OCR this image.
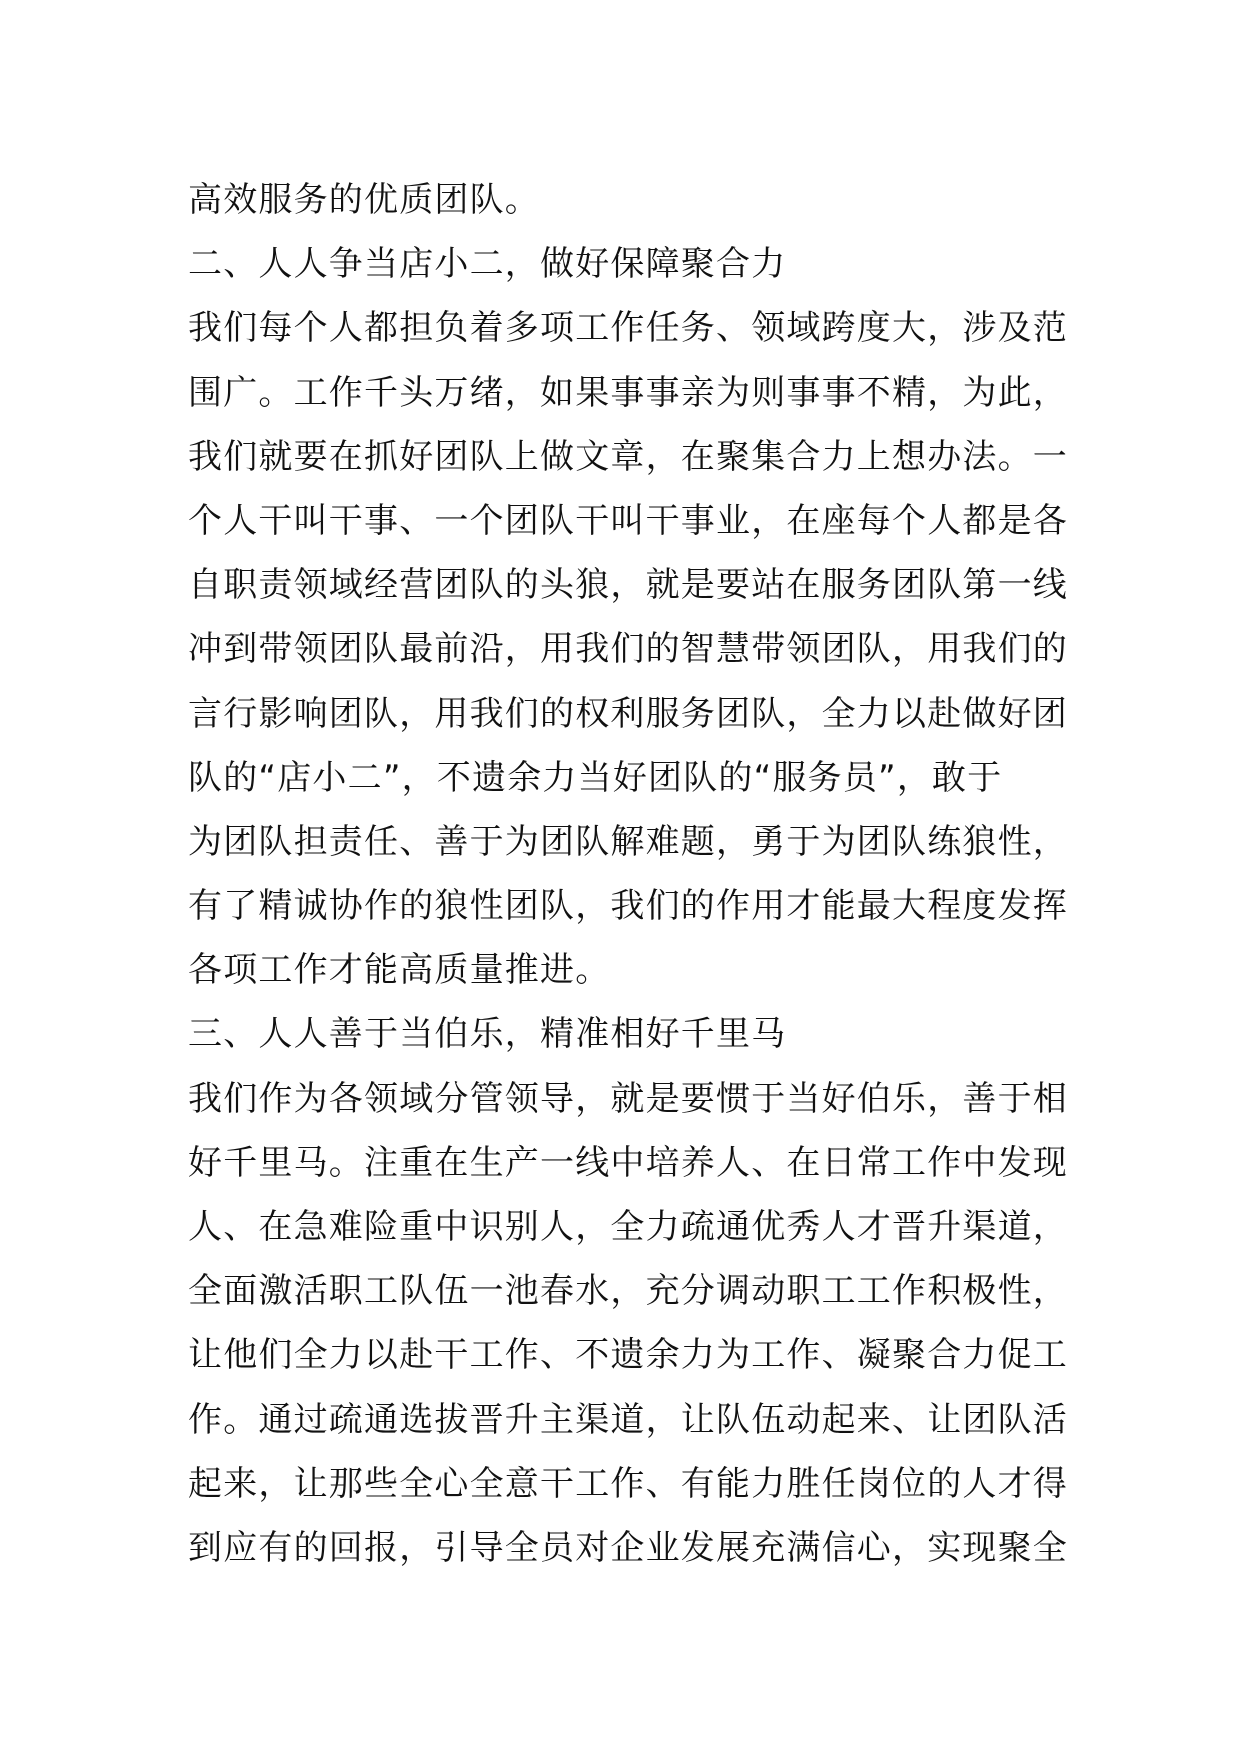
高效服务的优质团队。
二、人人争当店小二，做好保障聚合力
我们每个人都担负着多项工作任务、领域跨度大，涉及范
围广。工作千头万绪，如果事事亲为则事事不精，为此，
我们就要在抓好团队上做文章，在聚集合力上想办法。一
个人干叫干事、一个团队干叫干事业，在座每个人都是各
自职责领域经营团队的头狼，就是要站在服务团队第一线
冲到带领团队最前沿，用我们的智慧带领团队，用我们的
言行影响团队，用我们的权利服务团队，全力以赴做好团
队的“店小二”，不遗余力当好团队的“服务员”，敢于
为团队担责任、善于为团队解难题，勇于为团队练狼性，
有了精诚协作的狼性团队，我们的作用才能最大程度发挥
各项工作才能高质量推进。
三、人人善于当伯乐，精准相好千里马
我们作为各领域分管领导，就是要惯于当好伯乐，善于相
好千里马。注重在生产一线中培养人、在日常工作中发现
人、在急难险重中识别人，全力疏通优秀人才晋升渠道，
全面激活职工队伍一池春水，充分调动职工工作积极性，
让他们全力以赴干工作、不遗余力为工作、凝聚合力促工
作。通过疏通选拔晋升主渠道，让队伍动起来、让团队活
起来，让那些全心全意干工作、有能力胜任岗位的人才得
到应有的回报，引导全员对企业发展充满信心，实现聚全
